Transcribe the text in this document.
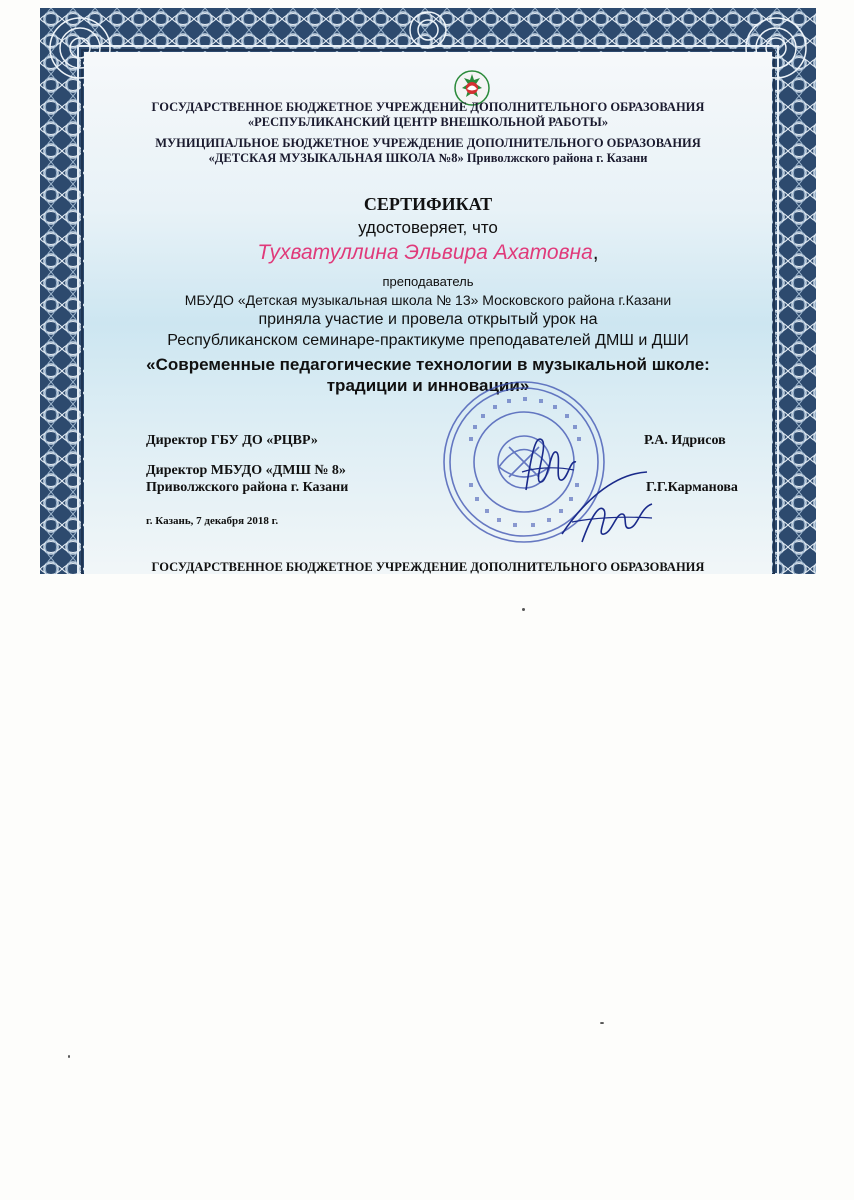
ГОСУДАРСТВЕННОЕ БЮДЖЕТНОЕ УЧРЕЖДЕНИЕ ДОПОЛНИТЕЛЬНОГО ОБРАЗОВАНИЯ
«РЕСПУБЛИКАНСКИЙ ЦЕНТР ВНЕШКОЛЬНОЙ РАБОТЫ»
МУНИЦИПАЛЬНОЕ БЮДЖЕТНОЕ УЧРЕЖДЕНИЕ ДОПОЛНИТЕЛЬНОГО ОБРАЗОВАНИЯ
«ДЕТСКАЯ МУЗЫКАЛЬНАЯ ШКОЛА №8» Приволжского района г. Казани
СЕРТИФИКАТ
удостоверяет, что
Тухватуллина Эльвира Ахатовна,
преподаватель
МБУДО «Детская музыкальная школа № 13» Московского района г.Казани
приняла участие и провела открытый урок на
Республиканском семинаре-практикуме преподавателей ДМШ и ДШИ
«Современные педагогические технологии в музыкальной школе:
традиции и инновации»
Директор ГБУ ДО «РЦВР»	Р.А. Идрисов
Директор МБУДО «ДМШ № 8»
Приволжского района г. Казани	Г.Г.Карманова
г. Казань, 7 декабря 2018 г.
ГОСУДАРСТВЕННОЕ БЮДЖЕТНОЕ УЧРЕЖДЕНИЕ ДОПОЛНИТЕЛЬНОГО ОБРАЗОВАНИЯ
